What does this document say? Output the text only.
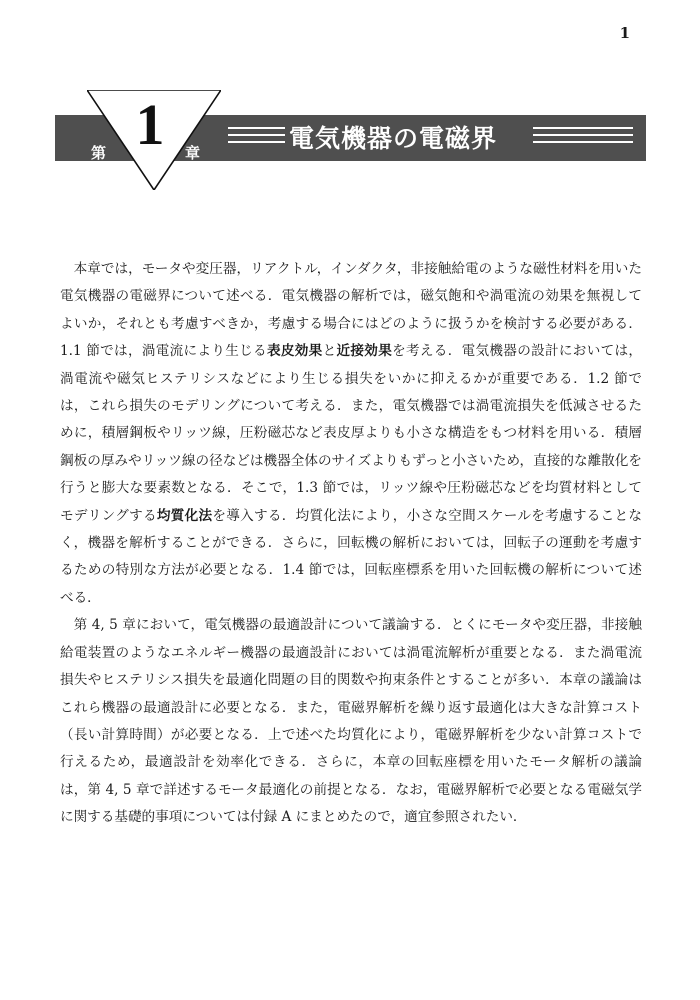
1
1
第	章	電気機器の電磁界

本章では，モータや変圧器，リアクトル，インダクタ，非接触給電のような磁性材料を用いた電気機器の電磁界について述べる．電気機器の解析では，磁気飽和や渦電流の効果を無視してよいか，それとも考慮すべきか，考慮する場合にはどのように扱うかを検討する必要がある．1.1 節では，渦電流により生じる表皮効果と近接効果を考える．電気機器の設計においては，渦電流や磁気ヒステリシスなどにより生じる損失をいかに抑えるかが重要である．1.2 節では，これら損失のモデリングについて考える．また，電気機器では渦電流損失を低減させるために，積層鋼板やリッツ線，圧粉磁芯など表皮厚よりも小さな構造をもつ材料を用いる．積層鋼板の厚みやリッツ線の径などは機器全体のサイズよりもずっと小さいため，直接的な離散化を行うと膨大な要素数となる．そこで，1.3 節では，リッツ線や圧粉磁芯などを均質材料としてモデリングする均質化法を導入する．均質化法により，小さな空間スケールを考慮することなく，機器を解析することができる．さらに，回転機の解析においては，回転子の運動を考慮するための特別な方法が必要となる．1.4 節では，回転座標系を用いた回転機の解析について述べる．

第 4, 5 章において，電気機器の最適設計について議論する．とくにモータや変圧器，非接触給電装置のようなエネルギー機器の最適設計においては渦電流解析が重要となる．また渦電流損失やヒステリシス損失を最適化問題の目的関数や拘束条件とすることが多い．本章の議論はこれら機器の最適設計に必要となる．また，電磁界解析を繰り返す最適化は大きな計算コスト（長い計算時間）が必要となる．上で述べた均質化により，電磁界解析を少ない計算コストで行えるため，最適設計を効率化できる．さらに，本章の回転座標を用いたモータ解析の議論は，第 4, 5 章で詳述するモータ最適化の前提となる．なお，電磁界解析で必要となる電磁気学に関する基礎的事項については付録 A にまとめたので，適宜参照されたい．
